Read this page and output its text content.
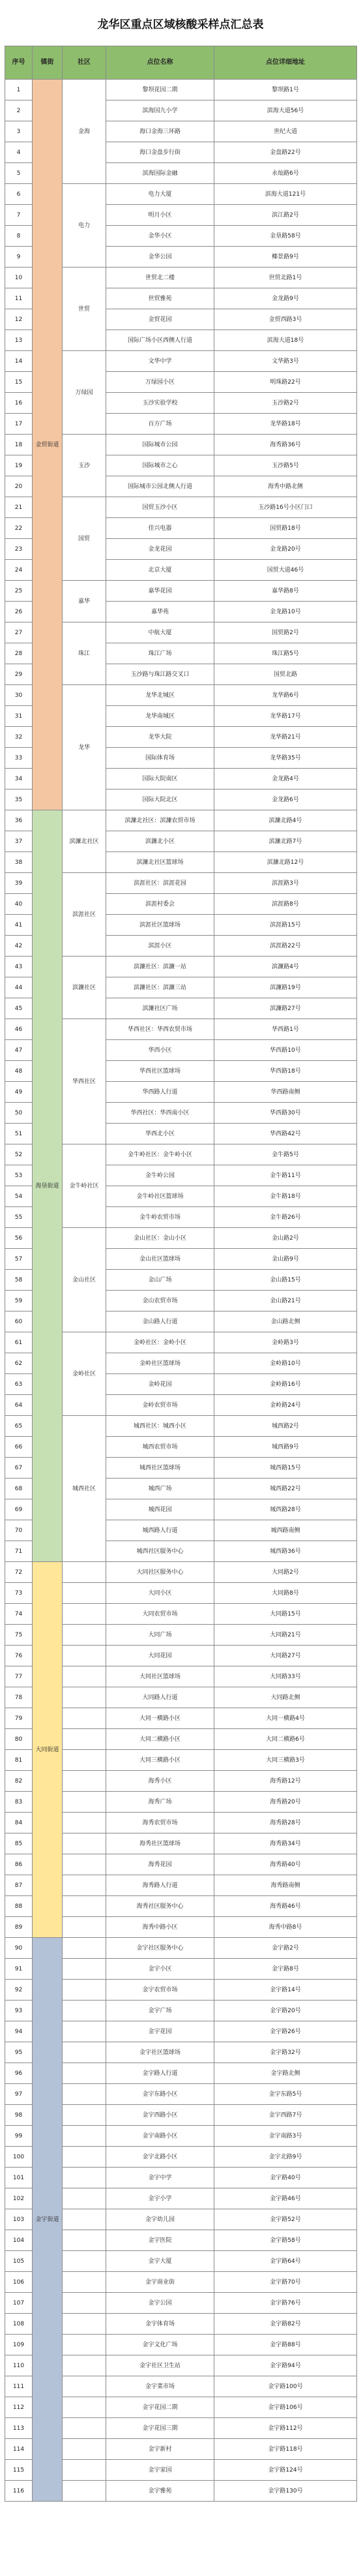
龙华区重点区域核酸采样点汇总表
序号	镇街	社区	点位名称	点位详细地址
1	金贸街道	金海	黎坝花园二期	黎坝路1号
2			滨海国九小学	滨海大道56号
3			海口金海三环路	世纪大道
4			海口金盘步行街	金盘路22号
5			滨海国际金融	永灿路6号
6		电力	电力大厦	滨海大道121号
7			明月小区	滨江路2号
8			金华小区	金垦路58号
9			金华公园	椰景路9号
10		世贸	世贸北二楼	世贸北路1号
11			世贸雅苑	金龙路9号
12			金贸花园	金贸西路3号
13			国际广场小区西侧人行道	滨海大道18号
14		万绿园	文华中学	文华路3号
15			万绿园小区	明珠路22号
16			玉沙实验学校	玉沙路2号
17			百方广场	龙华路18号
18		玉沙	国际城市公园	海秀路36号
19			国际城市之心	玉沙路5号
20			国际城市公园北侧人行道	海秀中路北侧
21		国贸	国贸玉沙小区	玉沙路16号小区门口
22			佳兴电器	国贸路18号
23			金龙花园	金龙路20号
24			北京大厦	国贸大道46号
25		嘉华	嘉华花园	嘉华路8号
26			嘉华苑	金龙路10号
27		珠江	中航大厦	国贸路2号
28			珠江广场	珠江路5号
29			玉沙路与珠江路交叉口	国贸北路
30		龙华	龙华北城区	龙华路6号
31			龙华南城区	龙华路17号
32			龙华大院	龙华路21号
33			国际体育场	龙华路35号
34			国际大院南区	金龙路4号
35			国际大院北区	金龙路6号
36	海垦街道	滨濂北社区	滨濂北社区：滨濂农贸市场	滨濂北路4号
37			滨濂北小区	滨濂北路7号
38			滨濂北社区篮球场	滨濂北路12号
39		滨涯社区	滨涯社区：滨涯花园	滨涯路3号
40			滨涯村委会	滨涯路8号
41			滨涯社区篮球场	滨涯路15号
42			滨涯小区	滨涯路22号
43		滨濂社区	滨濂社区：滨濂一站	滨濂路4号
44			滨濂社区：滨濂三站	滨濂路19号
45			滨濂社区广场	滨濂路27号
46		华西社区	华西社区：华西农贸市场	华西路1号
47			华西小区	华西路10号
48			华西社区篮球场	华西路18号
49			华西路人行道	华西路南侧
50			华西社区：华西南小区	华西路30号
51			华西北小区	华西路42号
52		金牛岭社区	金牛岭社区：金牛岭小区	金牛路5号
53			金牛岭公园	金牛路11号
54			金牛岭社区篮球场	金牛路18号
55			金牛岭农贸市场	金牛路26号
56		金山社区	金山社区：金山小区	金山路2号
57			金山社区篮球场	金山路9号
58			金山广场	金山路15号
59			金山农贸市场	金山路21号
60			金山路人行道	金山路北侧
61		金岭社区	金岭社区：金岭小区	金岭路3号
62			金岭社区篮球场	金岭路10号
63			金岭花园	金岭路16号
64			金岭农贸市场	金岭路24号
65		城西社区	城西社区：城西小区	城西路2号
66			城西农贸市场	城西路9号
67			城西社区篮球场	城西路15号
68			城西广场	城西路22号
69			城西花园	城西路28号
70			城西路人行道	城西路南侧
71			城西社区服务中心	城西路36号
72	大同街道		大同社区服务中心	大同路2号
73			大同小区	大同路8号
74			大同农贸市场	大同路15号
75			大同广场	大同路21号
76			大同花园	大同路27号
77			大同社区篮球场	大同路33号
78			大同路人行道	大同路北侧
79			大同一横路小区	大同一横路4号
80			大同二横路小区	大同二横路6号
81			大同三横路小区	大同三横路3号
82			海秀小区	海秀路12号
83			海秀广场	海秀路20号
84			海秀农贸市场	海秀路28号
85			海秀社区篮球场	海秀路34号
86			海秀花园	海秀路40号
87			海秀路人行道	海秀路南侧
88			海秀社区服务中心	海秀路46号
89			海秀中路小区	海秀中路8号
90	金宇街道		金宇社区服务中心	金宇路2号
91			金宇小区	金宇路8号
92			金宇农贸市场	金宇路14号
93			金宇广场	金宇路20号
94			金宇花园	金宇路26号
95			金宇社区篮球场	金宇路32号
96			金宇路人行道	金宇路北侧
97			金宇东路小区	金宇东路5号
98			金宇西路小区	金宇西路7号
99			金宇南路小区	金宇南路3号
100			金宇北路小区	金宇北路9号
101			金宇中学	金宇路40号
102			金宇小学	金宇路46号
103			金宇幼儿园	金宇路52号
104			金宇医院	金宇路58号
105			金宇大厦	金宇路64号
106			金宇商业街	金宇路70号
107			金宇公园	金宇路76号
108			金宇体育场	金宇路82号
109			金宇文化广场	金宇路88号
110			金宇社区卫生站	金宇路94号
111			金宇菜市场	金宇路100号
112			金宇花园二期	金宇路106号
113			金宇花园三期	金宇路112号
114			金宇新村	金宇路118号
115			金宇家园	金宇路124号
116			金宇雅苑	金宇路130号
